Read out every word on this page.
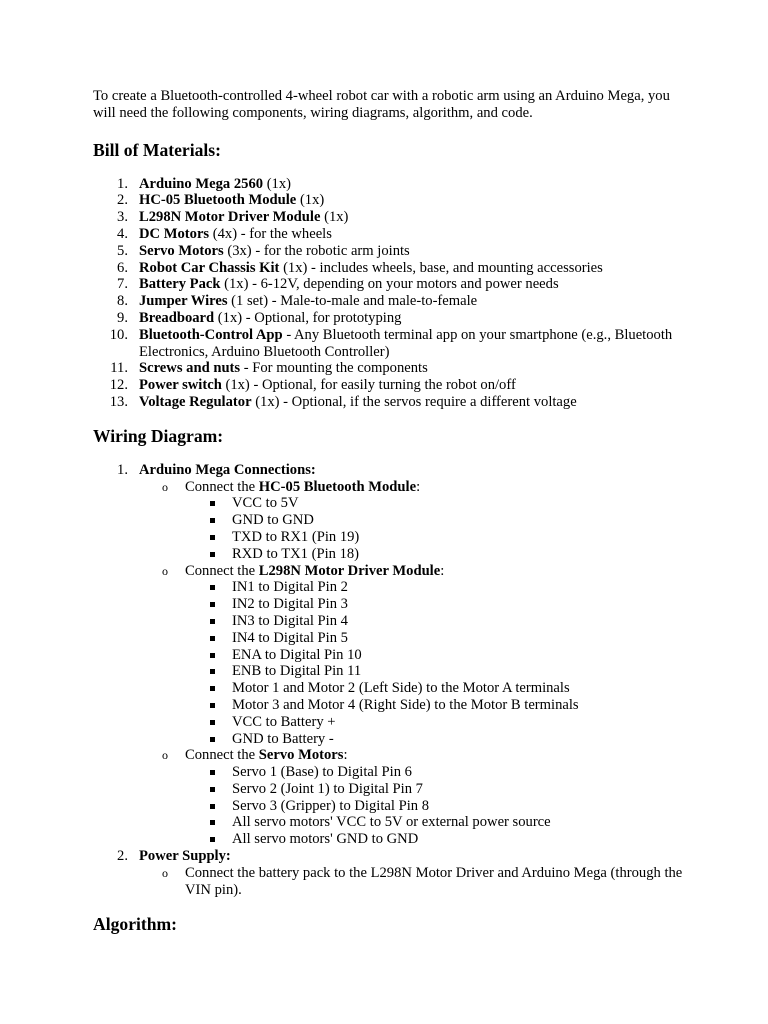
To create a Bluetooth-controlled 4-wheel robot car with a robotic arm using an Arduino Mega, you will need the following components, wiring diagrams, algorithm, and code.

Bill of Materials:
1. Arduino Mega 2560 (1x)
2. HC-05 Bluetooth Module (1x)
3. L298N Motor Driver Module (1x)
4. DC Motors (4x) - for the wheels
5. Servo Motors (3x) - for the robotic arm joints
6. Robot Car Chassis Kit (1x) - includes wheels, base, and mounting accessories
7. Battery Pack (1x) - 6-12V, depending on your motors and power needs
8. Jumper Wires (1 set) - Male-to-male and male-to-female
9. Breadboard (1x) - Optional, for prototyping
10. Bluetooth-Control App - Any Bluetooth terminal app on your smartphone (e.g., Bluetooth Electronics, Arduino Bluetooth Controller)
11. Screws and nuts - For mounting the components
12. Power switch (1x) - Optional, for easily turning the robot on/off
13. Voltage Regulator (1x) - Optional, if the servos require a different voltage
Wiring Diagram:
1. Arduino Mega Connections:
o Connect the HC-05 Bluetooth Module:
VCC to 5V
GND to GND
TXD to RX1 (Pin 19)
RXD to TX1 (Pin 18)
o Connect the L298N Motor Driver Module:
IN1 to Digital Pin 2
IN2 to Digital Pin 3
IN3 to Digital Pin 4
IN4 to Digital Pin 5
ENA to Digital Pin 10
ENB to Digital Pin 11
Motor 1 and Motor 2 (Left Side) to the Motor A terminals
Motor 3 and Motor 4 (Right Side) to the Motor B terminals
VCC to Battery +
GND to Battery -
o Connect the Servo Motors:
Servo 1 (Base) to Digital Pin 6
Servo 2 (Joint 1) to Digital Pin 7
Servo 3 (Gripper) to Digital Pin 8
All servo motors' VCC to 5V or external power source
All servo motors' GND to GND
2. Power Supply:
o Connect the battery pack to the L298N Motor Driver and Arduino Mega (through the VIN pin).
Algorithm:
